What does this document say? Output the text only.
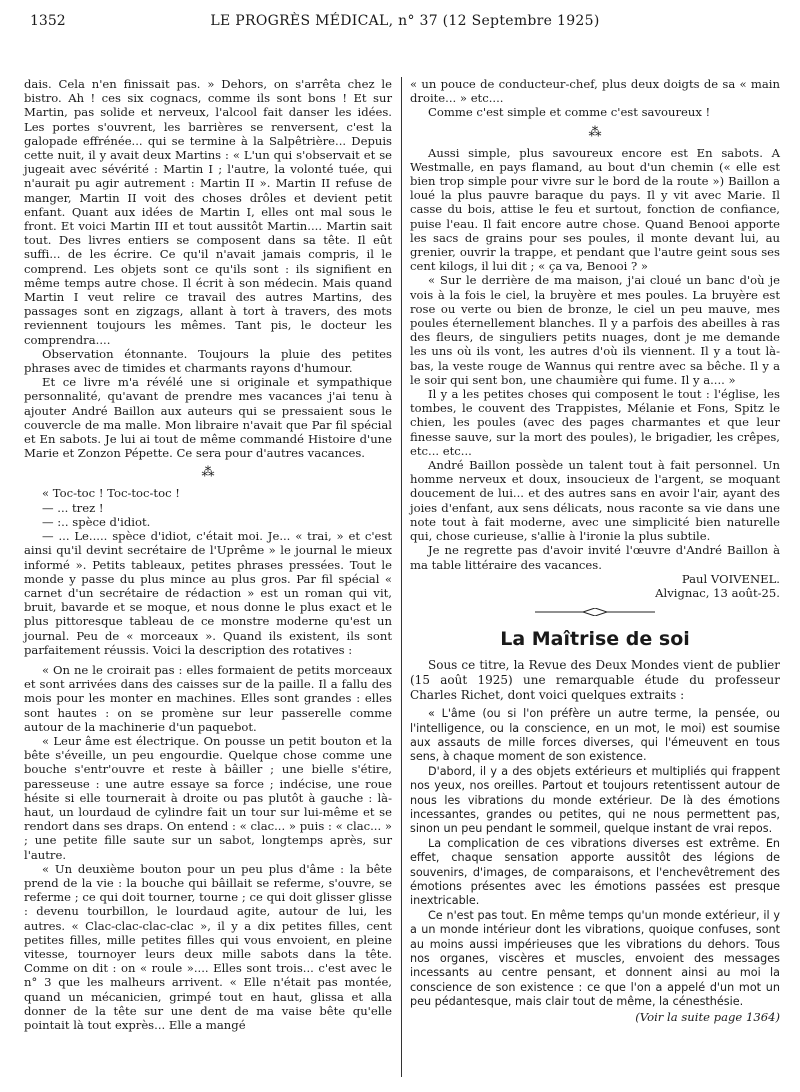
1352	LE PROGRÈS MÉDICAL, n° 37 (12 Septembre 1925)

dais. Cela n'en finissait pas. » Dehors, on s'arrêta chez le bistro. Ah ! ces six cognacs, comme ils sont bons ! Et sur Martin, pas solide et nerveux, l'alcool fait danser les idées. Les portes s'ouvrent, les barrières se renversent, c'est la galopade effrénée... qui se termine à la Salpêtrière... Depuis cette nuit, il y avait deux Martins : « L'un qui s'observait et se jugeait avec sévérité : Martin I ; l'autre, la volonté tuée, qui n'aurait pu agir autrement : Martin II ». Martin II refuse de manger, Martin II voit des choses drôles et devient petit enfant. Quant aux idées de Martin I, elles ont mal sous le front. Et voici Martin III et tout aussitôt Martin.... Martin sait tout. Des livres entiers se composent dans sa tête. Il eût suffi... de les écrire. Ce qu'il n'avait jamais compris, il le comprend. Les objets sont ce qu'ils sont : ils signifient en même temps autre chose. Il écrit à son médecin. Mais quand Martin I veut relire ce travail des autres Martins, des passages sont en zigzags, allant à tort à travers, des mots reviennent toujours les mêmes. Tant pis, le docteur les comprendra....

Observation étonnante. Toujours la pluie des petites phrases avec de timides et charmants rayons d'humour.

Et ce livre m'a révélé une si originale et sympathique personnalité, qu'avant de prendre mes vacances j'ai tenu à ajouter André Baillon aux auteurs qui se pressaient sous le couvercle de ma malle. Mon libraire n'avait que Par fil spécial et En sabots. Je lui ai tout de même commandé Histoire d'une Marie et Zonzon Pépette. Ce sera pour d'autres vacances.

⁂

« Toc-toc ! Toc-toc-toc !

— ... trez !

— :.. spèce d'idiot.

— ... Le..... spèce d'idiot, c'était moi. Je... « trai, » et c'est ainsi qu'il devint secrétaire de l'Uprême » le journal le mieux informé ». Petits tableaux, petites phrases pressées. Tout le monde y passe du plus mince au plus gros. Par fil spécial « carnet d'un secrétaire de rédaction » est un roman qui vit, bruit, bavarde et se moque, et nous donne le plus exact et le plus pittoresque tableau de ce monstre moderne qu'est un journal. Peu de « morceaux ». Quand ils existent, ils sont parfaitement réussis. Voici la description des rotatives :

« On ne le croirait pas : elles formaient de petits morceaux et sont arrivées dans des caisses sur de la paille. Il a fallu des mois pour les monter en machines. Elles sont grandes : elles sont hautes : on se promène sur leur passerelle comme autour de la machinerie d'un paquebot.

« Leur âme est électrique. On pousse un petit bouton et la bête s'éveille, un peu engourdie. Quelque chose comme une bouche s'entr'ouvre et reste à bâiller ; une bielle s'étire, paresseuse : une autre essaye sa force ; indécise, une roue hésite si elle tournerait à droite ou pas plutôt à gauche : là-haut, un lourdaud de cylindre fait un tour sur lui-même et se rendort dans ses draps. On entend : « clac... » puis : « clac... » ; une petite fille saute sur un sabot, longtemps après, sur l'autre.

« Un deuxième bouton pour un peu plus d'âme : la bête prend de la vie : la bouche qui bâillait se referme, s'ouvre, se referme ; ce qui doit tourner, tourne ; ce qui doit glisser glisse : devenu tourbillon, le lourdaud agite, autour de lui, les autres. « Clac-clac-clac-clac », il y a dix petites filles, cent petites filles, mille petites filles qui vous envoient, en pleine vitesse, tournoyer leurs deux mille sabots dans la tête. Comme on dit : on « roule ».... Elles sont trois... c'est avec le n° 3 que les malheurs arrivent. « Elle n'était pas montée, quand un mécanicien, grimpé tout en haut, glissa et alla donner de la tête sur une dent de ma vaise bête qu'elle pointait là tout exprès... Elle a mangé

« un pouce de conducteur-chef, plus deux doigts de sa « main droite... » etc....

Comme c'est simple et comme c'est savoureux !

⁂

Aussi simple, plus savoureux encore est En sabots. A Westmalle, en pays flamand, au bout d'un chemin (« elle est bien trop simple pour vivre sur le bord de la route ») Baillon a loué la plus pauvre baraque du pays. Il y vit avec Marie. Il casse du bois, attise le feu et surtout, fonction de confiance, puise l'eau. Il fait encore autre chose. Quand Benooi apporte les sacs de grains pour ses poules, il monte devant lui, au grenier, ouvrir la trappe, et pendant que l'autre geint sous ses cent kilogs, il lui dit ; « ça va, Benooi ? »

« Sur le derrière de ma maison, j'ai cloué un banc d'où je vois à la fois le ciel, la bruyère et mes poules. La bruyère est rose ou verte ou bien de bronze, le ciel un peu mauve, mes poules éternellement blanches. Il y a parfois des abeilles à ras des fleurs, de singuliers petits nuages, dont je me demande les uns où ils vont, les autres d'où ils viennent. Il y a tout là-bas, la veste rouge de Wannus qui rentre avec sa bêche. Il y a le soir qui sent bon, une chaumière qui fume. Il y a.... »

Il y a les petites choses qui composent le tout : l'église, les tombes, le couvent des Trappistes, Mélanie et Fons, Spitz le chien, les poules (avec des pages charmantes et que leur finesse sauve, sur la mort des poules), le brigadier, les crêpes, etc... etc...

André Baillon possède un talent tout à fait personnel. Un homme nerveux et doux, insoucieux de l'argent, se moquant doucement de lui... et des autres sans en avoir l'air, ayant des joies d'enfant, aux sens délicats, nous raconte sa vie dans une note tout à fait moderne, avec une simplicité bien naturelle qui, chose curieuse, s'allie à l'ironie la plus subtile.

Je ne regrette pas d'avoir invité l'œuvre d'André Baillon à ma table littéraire des vacances.

Paul VOIVENEL.

Alvignac, 13 août-25.

La Maîtrise de soi

Sous ce titre, la Revue des Deux Mondes vient de publier (15 août 1925) une remarquable étude du professeur Charles Richet, dont voici quelques extraits :

« L'âme (ou si l'on préfère un autre terme, la pensée, ou l'intelligence, ou la conscience, en un mot, le moi) est soumise aux assauts de mille forces diverses, qui l'émeuvent en tous sens, à chaque moment de son existence.

D'abord, il y a des objets extérieurs et multipliés qui frappent nos yeux, nos oreilles. Partout et toujours retentissent autour de nous les vibrations du monde extérieur. De là des émotions incessantes, grandes ou petites, qui ne nous permettent pas, sinon un peu pendant le sommeil, quelque instant de vrai repos.

La complication de ces vibrations diverses est extrême. En effet, chaque sensation apporte aussitôt des légions de souvenirs, d'images, de comparaisons, et l'enchevêtrement des émotions présentes avec les émotions passées est presque inextricable.

Ce n'est pas tout. En même temps qu'un monde extérieur, il y a un monde intérieur dont les vibrations, quoique confuses, sont au moins aussi impérieuses que les vibrations du dehors. Tous nos organes, viscères et muscles, envoient des messages incessants au centre pensant, et donnent ainsi au moi la conscience de son existence : ce que l'on a appelé d'un mot un peu pédantesque, mais clair tout de même, la cénesthésie.

(Voir la suite page 1364)
